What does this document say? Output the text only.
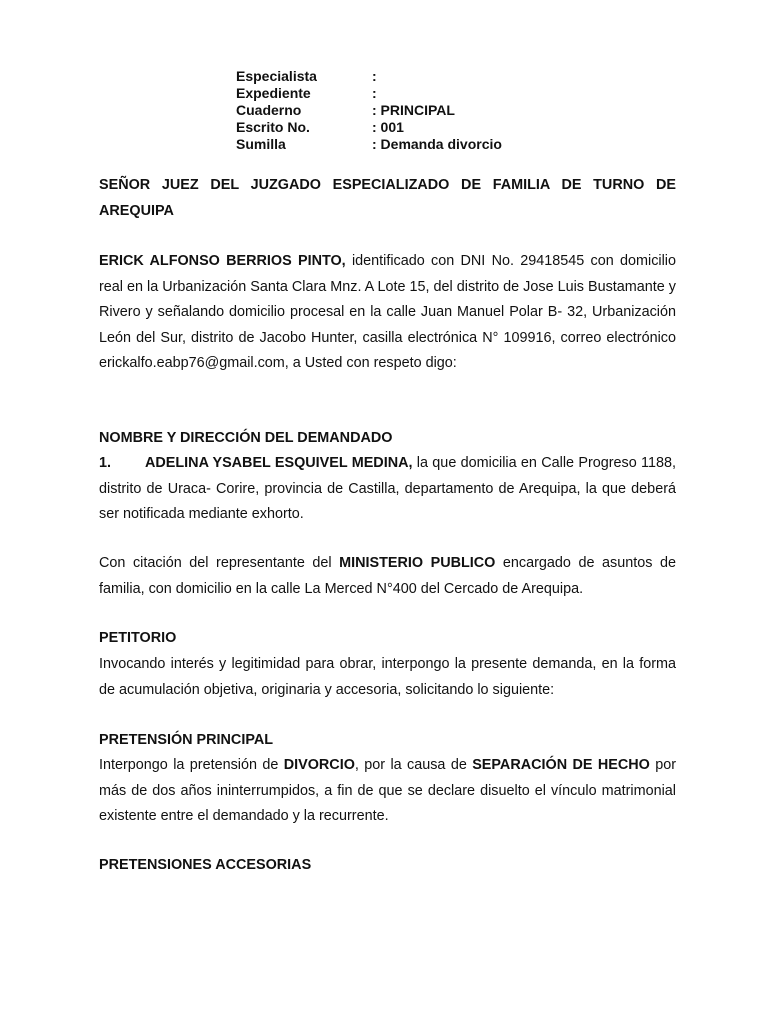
Especialista	:
Expediente	:
Cuaderno	: PRINCIPAL
Escrito No.	: 001
Sumilla	: Demanda divorcio
SEÑOR JUEZ DEL JUZGADO ESPECIALIZADO DE FAMILIA DE TURNO DE AREQUIPA
ERICK ALFONSO BERRIOS PINTO, identificado con DNI No. 29418545 con domicilio real en la Urbanización Santa Clara Mnz. A Lote 15, del distrito de Jose Luis Bustamante y Rivero y señalando domicilio procesal en la calle Juan Manuel Polar B- 32, Urbanización León del Sur, distrito de Jacobo Hunter, casilla electrónica N° 109916, correo electrónico erickalfo.eabp76@gmail.com, a Usted con respeto digo:
NOMBRE Y DIRECCIÓN DEL DEMANDADO
1. ADELINA YSABEL ESQUIVEL MEDINA, la que domicilia en Calle Progreso 1188, distrito de Uraca- Corire, provincia de Castilla, departamento de Arequipa, la que deberá ser notificada mediante exhorto.
Con citación del representante del MINISTERIO PUBLICO encargado de asuntos de familia, con domicilio en la calle La Merced N°400 del Cercado de Arequipa.
PETITORIO
Invocando interés y legitimidad para obrar, interpongo la presente demanda, en la forma de acumulación objetiva, originaria y accesoria, solicitando lo siguiente:
PRETENSIÓN PRINCIPAL
Interpongo la pretensión de DIVORCIO, por la causa de SEPARACIÓN DE HECHO por más de dos años ininterrumpidos, a fin de que se declare disuelto el vínculo matrimonial existente entre el demandado y la recurrente.
PRETENSIONES ACCESORIAS
